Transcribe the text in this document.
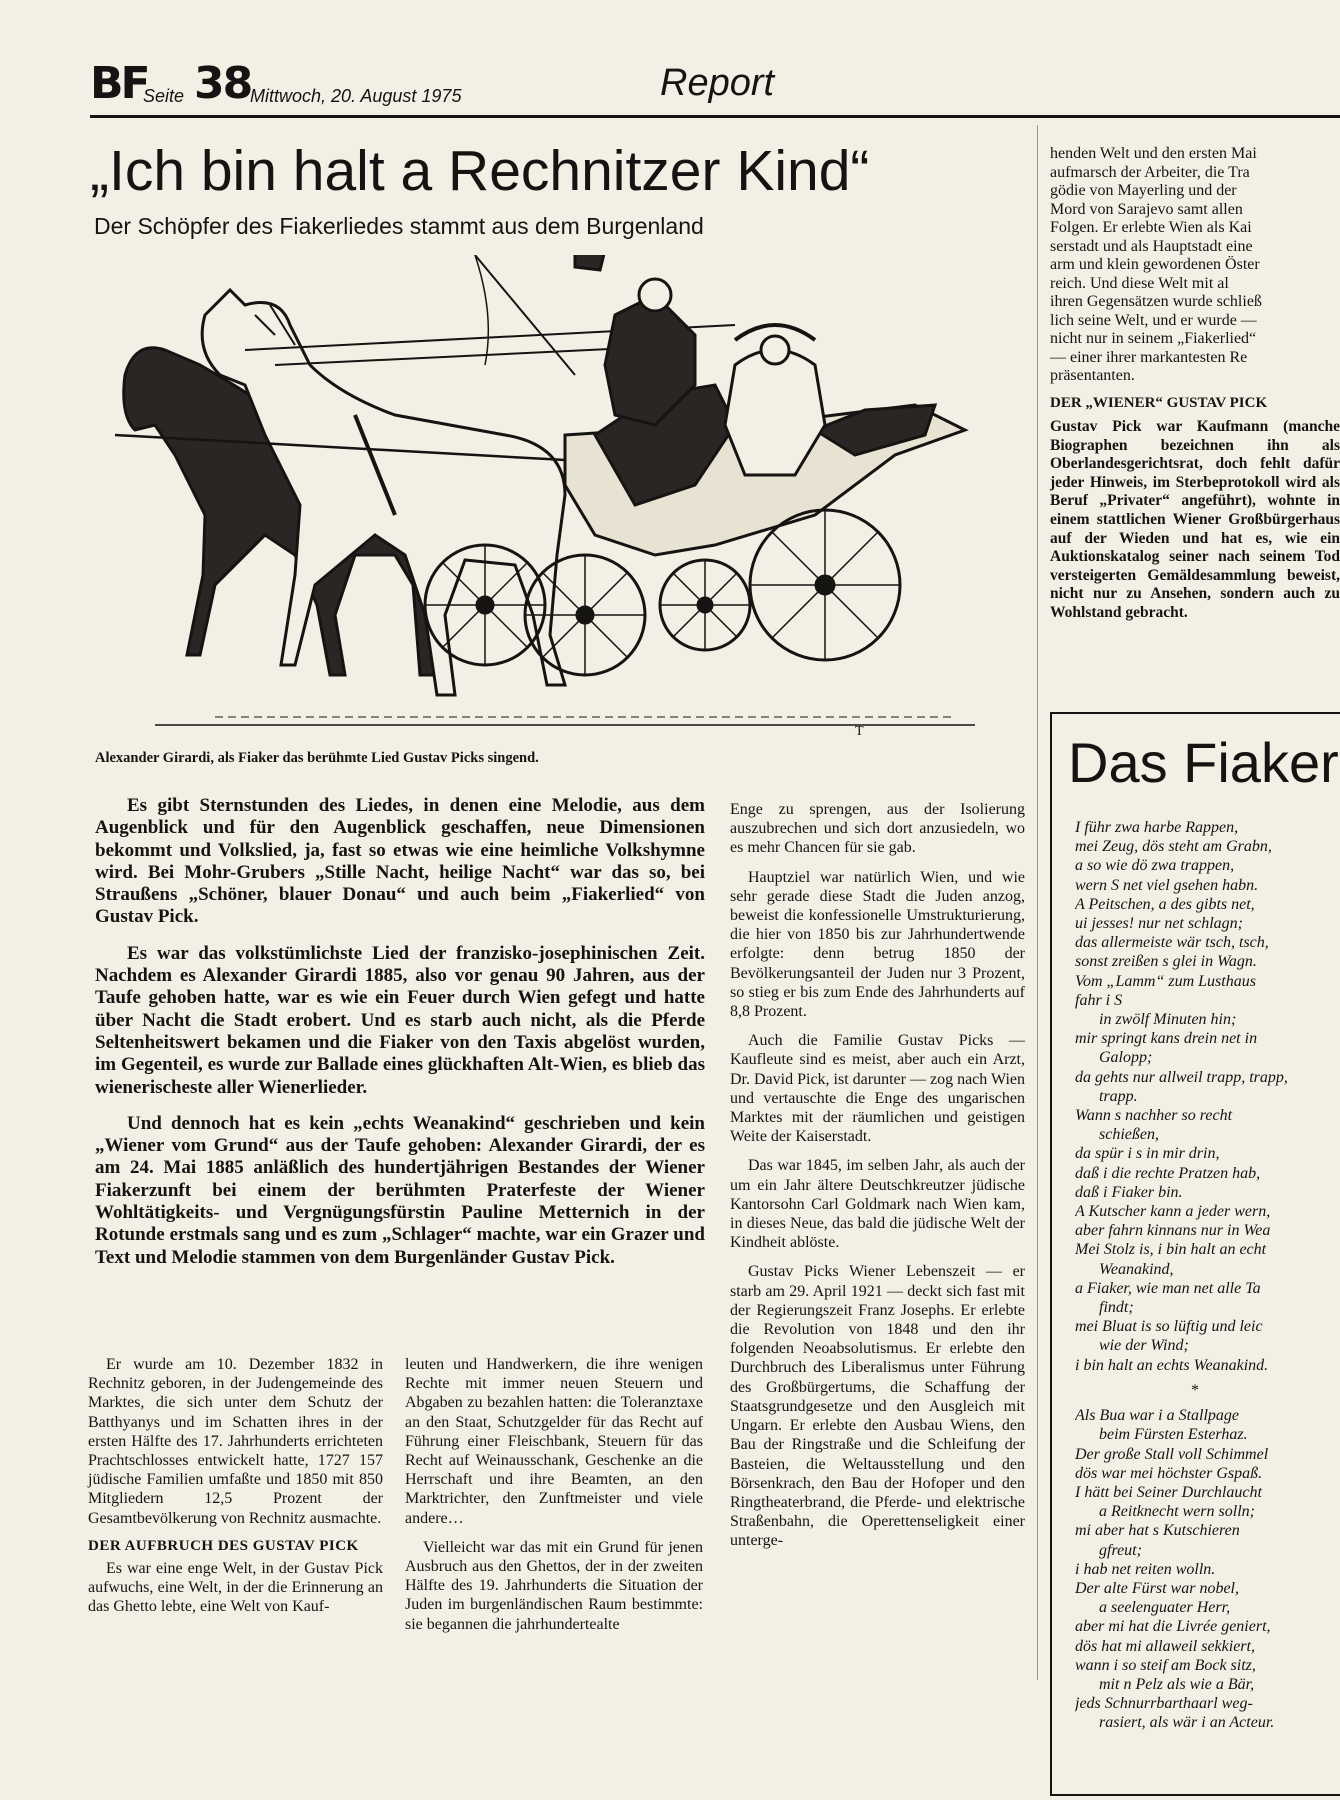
BF
Seite 38
Mittwoch, 20. August 1975	Report
„Ich bin halt a Rechnitzer Kind“
Der Schöpfer des Fiakerliedes stammt aus dem Burgenland
T
Alexander Girardi, als Fiaker das berühmte Lied Gustav Picks singend.

Es gibt Sternstunden des Liedes, in denen eine Melodie, aus dem Augenblick und für den Augenblick geschaffen, neue Dimensionen bekommt und Volkslied, ja, fast so etwas wie eine heimliche Volkshymne wird. Bei Mohr-Grubers „Stille Nacht, heilige Nacht“ war das so, bei Straußens „Schöner, blauer Donau“ und auch beim „Fiakerlied“ von Gustav Pick.

Es war das volkstümlichste Lied der franzisko-josephinischen Zeit. Nachdem es Alexander Girardi 1885, also vor genau 90 Jahren, aus der Taufe gehoben hatte, war es wie ein Feuer durch Wien gefegt und hatte über Nacht die Stadt erobert. Und es starb auch nicht, als die Pferde Seltenheitswert bekamen und die Fiaker von den Taxis abgelöst wurden, im Gegenteil, es wurde zur Ballade eines glückhaften Alt-Wien, es blieb das wienerischeste aller Wienerlieder.

Und dennoch hat es kein „echts Weanakind“ geschrieben und kein „Wiener vom Grund“ aus der Taufe gehoben: Alexander Girardi, der es am 24. Mai 1885 anläßlich des hundertjährigen Bestandes der Wiener Fiakerzunft bei einem der berühmten Praterfeste der Wiener Wohltätigkeits- und Vergnügungsfürstin Pauline Metternich in der Rotunde erstmals sang und es zum „Schlager“ machte, war ein Grazer und Text und Melodie stammen von dem Burgenländer Gustav Pick.

Er wurde am 10. Dezember 1832 in Rechnitz geboren, in der Judengemeinde des Marktes, die sich unter dem Schutz der Batthyanys und im Schatten ihres in der ersten Hälfte des 17. Jahrhunderts errichteten Prachtschlosses entwickelt hatte, 1727 157 jüdische Familien umfaßte und 1850 mit 850 Mitgliedern 12,5 Prozent der Gesamtbevölkerung von Rechnitz ausmachte.

DER AUFBRUCH DES GUSTAV PICK

Es war eine enge Welt, in der Gustav Pick aufwuchs, eine Welt, in der die Erinnerung an das Ghetto lebte, eine Welt von Kauf-

leuten und Handwerkern, die ihre wenigen Rechte mit immer neuen Steuern und Abgaben zu bezahlen hatten: die Toleranztaxe an den Staat, Schutzgelder für das Recht auf Führung einer Fleischbank, Steuern für das Recht auf Weinausschank, Geschenke an die Herrschaft und ihre Beamten, an den Marktrichter, den Zunftmeister und viele andere…

Vielleicht war das mit ein Grund für jenen Ausbruch aus den Ghettos, der in der zweiten Hälfte des 19. Jahrhunderts die Situation der Juden im burgenländischen Raum bestimmte: sie begannen die jahrhundertealte

Enge zu sprengen, aus der Isolierung auszubrechen und sich dort anzusiedeln, wo es mehr Chancen für sie gab.

Hauptziel war natürlich Wien, und wie sehr gerade diese Stadt die Juden anzog, beweist die konfessionelle Umstrukturierung, die hier von 1850 bis zur Jahrhundertwende erfolgte: denn betrug 1850 der Bevölkerungsanteil der Juden nur 3 Prozent, so stieg er bis zum Ende des Jahrhunderts auf 8,8 Prozent.

Auch die Familie Gustav Picks — Kaufleute sind es meist, aber auch ein Arzt, Dr. David Pick, ist darunter — zog nach Wien und vertauschte die Enge des ungarischen Marktes mit der räumlichen und geistigen Weite der Kaiserstadt.

Das war 1845, im selben Jahr, als auch der um ein Jahr ältere Deutschkreutzer jüdische Kantorsohn Carl Goldmark nach Wien kam, in dieses Neue, das bald die jüdische Welt der Kindheit ablöste.

Gustav Picks Wiener Lebenszeit — er starb am 29. April 1921 — deckt sich fast mit der Regierungszeit Franz Josephs. Er erlebte die Revolution von 1848 und den ihr folgenden Neoabsolutismus. Er erlebte den Durchbruch des Liberalismus unter Führung des Großbürgertums, die Schaffung der Staatsgrundgesetze und den Ausgleich mit Ungarn. Er erlebte den Ausbau Wiens, den Bau der Ringstraße und die Schleifung der Basteien, die Weltausstellung und den Börsenkrach, den Bau der Hofoper und den Ringtheaterbrand, die Pferde- und elektrische Straßenbahn, die Operettenseligkeit einer unterge-

henden Welt und den ersten Mai
aufmarsch der Arbeiter, die Tra
gödie von Mayerling und der
Mord von Sarajevo samt allen
Folgen. Er erlebte Wien als Kai
serstadt und als Hauptstadt eine
arm und klein gewordenen Öster
reich. Und diese Welt mit al
ihren Gegensätzen wurde schließ
lich seine Welt, und er wurde —
nicht nur in seinem „Fiakerlied“
— einer ihrer markantesten Re
präsentanten.
DER „WIENER“ GUSTAV PICK
Gustav Pick war Kaufmann (manche Biographen bezeichnen ihn als Oberlandesgerichtsrat, doch fehlt dafür jeder Hinweis, im Sterbeprotokoll wird als Beruf „Privater“ angeführt), wohnte in einem stattlichen Wiener Großbürgerhaus auf der Wieden und hat es, wie ein Auktionskatalog seiner nach seinem Tod versteigerten Gemäldesammlung beweist, nicht nur zu Ansehen, sondern auch zu Wohlstand gebracht.
Das Fiaker
I führ zwa harbe Rappen,
mei Zeug, dös steht am Grabn,
a so wie dö zwa trappen,
wern S net viel gsehen habn.
A Peitschen, a des gibts net,
ui jesses! nur net schlagn;
das allermeiste wär tsch, tsch,
sonst zreißen s glei in Wagn.
Vom „Lamm“ zum Lusthaus
fahr i S
in zwölf Minuten hin;
mir springt kans drein net in
Galopp;
da gehts nur allweil trapp, trapp,
trapp.
Wann s nachher so recht
schießen,
da spür i s in mir drin,
daß i die rechte Pratzen hab,
daß i Fiaker bin.
A Kutscher kann a jeder wern,
aber fahrn kinnans nur in Wea
Mei Stolz is, i bin halt an echt
Weanakind,
a Fiaker, wie man net alle Ta
findt;
mei Bluat is so lüftig und leic
wie der Wind;
i bin halt an echts Weanakind.
*
Als Bua war i a Stallpage
beim Fürsten Esterhaz.
Der große Stall voll Schimmel
dös war mei höchster Gspaß.
I hätt bei Seiner Durchlaucht
a Reitknecht wern solln;
mi aber hat s Kutschieren
gfreut;
i hab net reiten wolln.
Der alte Fürst war nobel,
a seelenguater Herr,
aber mi hat die Livrée geniert,
dös hat mi allaweil sekkiert,
wann i so steif am Bock sitz,
mit n Pelz als wie a Bär,
jeds Schnurrbarthaarl weg-
rasiert, als wär i an Acteur.
